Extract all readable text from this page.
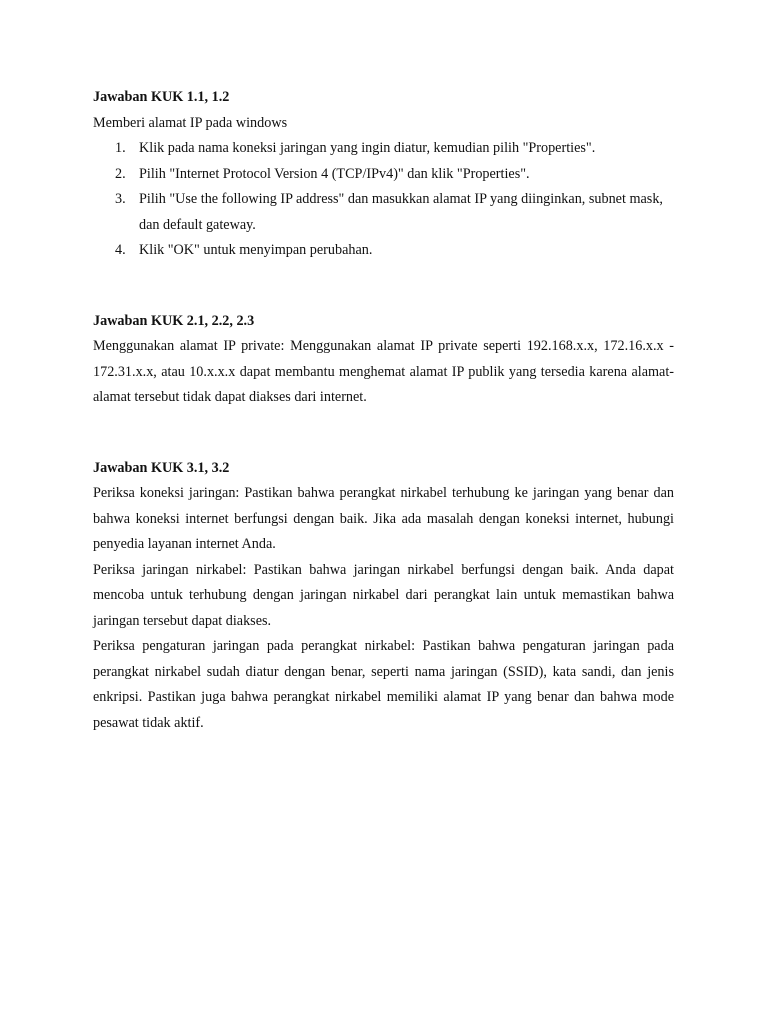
Jawaban KUK 1.1, 1.2

Memberi alamat IP pada windows

1. Klik pada nama koneksi jaringan yang ingin diatur, kemudian pilih "Properties".
2. Pilih "Internet Protocol Version 4 (TCP/IPv4)" dan klik "Properties".
3. Pilih "Use the following IP address" dan masukkan alamat IP yang diinginkan, subnet mask, dan default gateway.
4. Klik "OK" untuk menyimpan perubahan.

Jawaban KUK 2.1, 2.2, 2.3

Menggunakan alamat IP private: Menggunakan alamat IP private seperti 192.168.x.x, 172.16.x.x - 172.31.x.x, atau 10.x.x.x dapat membantu menghemat alamat IP publik yang tersedia karena alamat-alamat tersebut tidak dapat diakses dari internet.

Jawaban KUK 3.1, 3.2

Periksa koneksi jaringan: Pastikan bahwa perangkat nirkabel terhubung ke jaringan yang benar dan bahwa koneksi internet berfungsi dengan baik. Jika ada masalah dengan koneksi internet, hubungi penyedia layanan internet Anda.

Periksa jaringan nirkabel: Pastikan bahwa jaringan nirkabel berfungsi dengan baik. Anda dapat mencoba untuk terhubung dengan jaringan nirkabel dari perangkat lain untuk memastikan bahwa jaringan tersebut dapat diakses.

Periksa pengaturan jaringan pada perangkat nirkabel: Pastikan bahwa pengaturan jaringan pada perangkat nirkabel sudah diatur dengan benar, seperti nama jaringan (SSID), kata sandi, dan jenis enkripsi. Pastikan juga bahwa perangkat nirkabel memiliki alamat IP yang benar dan bahwa mode pesawat tidak aktif.
